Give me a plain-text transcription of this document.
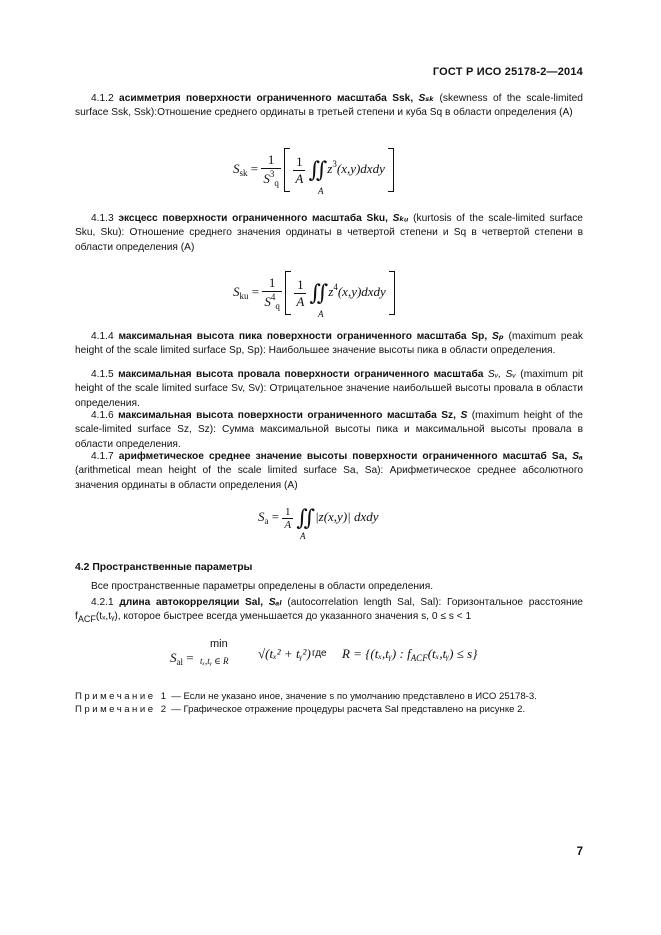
ГОСТ Р ИСО 25178-2—2014
4.1.2 асимметрия поверхности ограниченного масштаба Ssk, Sₛₖ (skewness of the scale-limited surface Ssk, Ssk):Отношение среднего ординаты в третьей степени и куба Sq в области определения (A)
$S_{sk} = \frac{1}{S^3_q}$
$\frac{1}{A}$ $∬z^3(x,y)dxdy$
A
4.1.3 эксцесс поверхности ограниченного масштаба Sku, Sₖᵤ (kurtosis of the scale-limited surface Sku, Sku): Отношение среднего значения ординаты в четвертой степени и Sq в четвертой степени в области определения (A)
$S_{ku} = \frac{1}{S^4_q}$
$\frac{1}{A}$ $∬z^4(x,y)dxdy$
A
4.1.4 максимальная высота пика поверхности ограниченного масштаба Sp, Sₚ (maximum peak height of the scale limited surface Sp, Sp): Наибольшее значение высоты пика в области определения.
4.1.5 максимальная высота провала поверхности ограниченного масштаба Sᵥ, Sᵥ (maximum pit height of the scale limited surface Sv, Sv): Отрицательное значение наибольшей высоты провала в области определения.
4.1.6 максимальная высота поверхности ограниченного масштаба Sz, S (maximum height of the scale-limited surface Sz, Sz): Сумма максимальной высоты пика и максимальной высоты провала в области определения.
4.1.7 арифметическое среднее значение высоты поверхности ограниченного масштаб Sa, Sₐ (arithmetical mean height of the scale limited surface Sa, Sa): Арифметическое среднее абсолютного значения ординаты в области определения (A)
$S_a = \frac{1}{A}$ ∬|z(x,y)| dxdy
A
4.2 Пространственные параметры
Все пространственные параметры определены в области определения.
4.2.1 длина автокорреляции Sal, Sₐₗ (autocorrelation length Sal, Sal): Горизонтальное расстояние fACF(tₓ,tᵧ), которое быстрее всегда уменьшается до указанного значения s, 0 ≤ s < 1
$S_{al}$ =
min
tₓ,tᵧ ∈ R √(tₓ² + tᵧ²) где R = {(tₓ,tᵧ) : $f_{ACF}(t_x,tᵧ) \le s$}
Примечание 1 — Если не указано иное, значение s по умолчанию представлено в ИСО 25178-3.
Примечание 2 — Графическое отражение процедуры расчета Sal представлено на рисунке 2.
7
